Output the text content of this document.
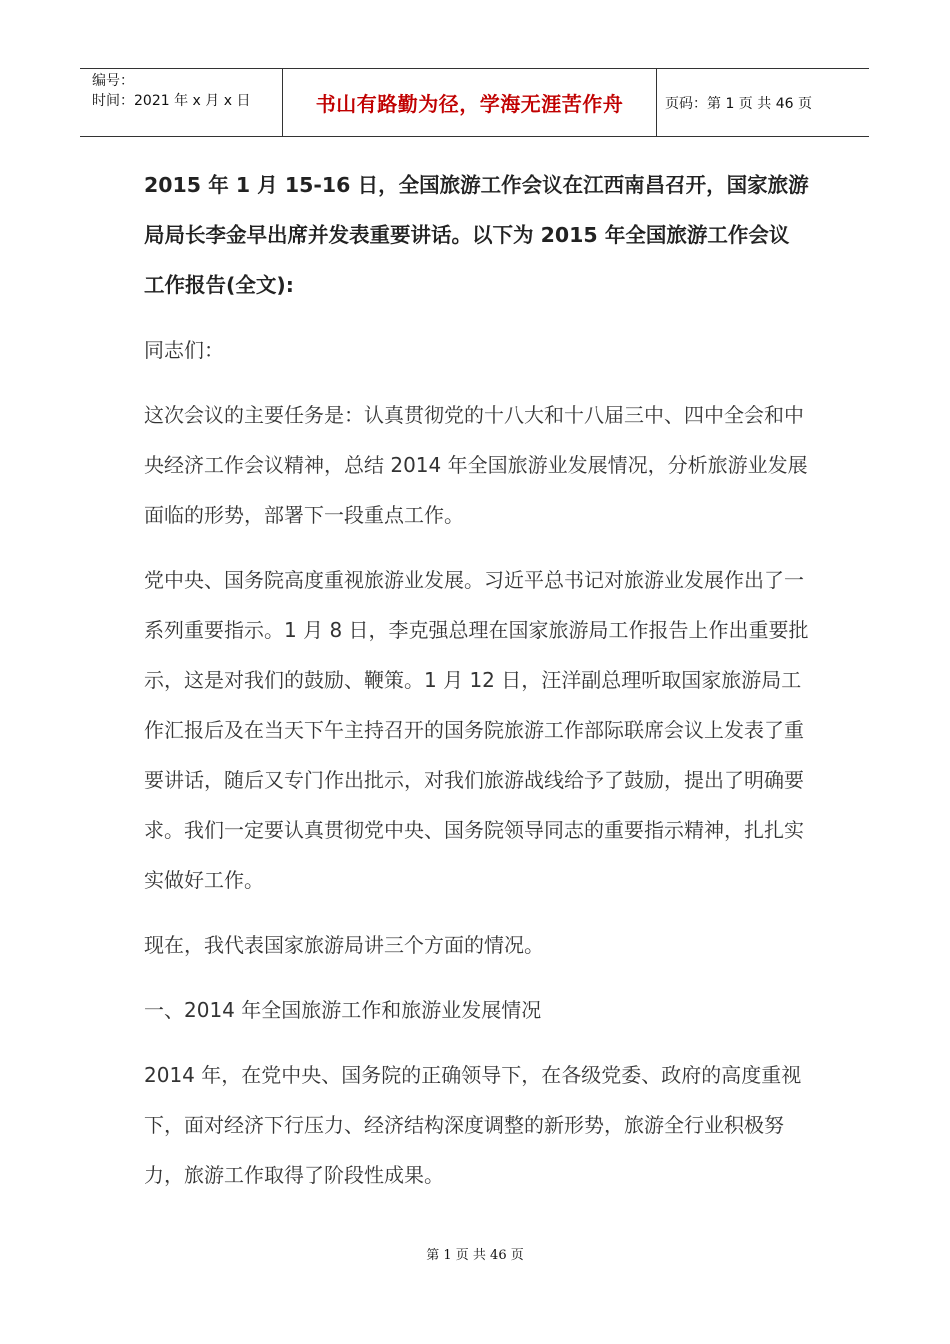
编号：
时间：2021 年 x 月 x 日	书山有路勤为径，学海无涯苦作舟	页码：第 1 页 共 46 页

2015 年 1 月 15-16 日，全国旅游工作会议在江西南昌召开，国家旅游局局长李金早出席并发表重要讲话。以下为 2015 年全国旅游工作会议工作报告(全文):

同志们：

这次会议的主要任务是：认真贯彻党的十八大和十八届三中、四中全会和中央经济工作会议精神，总结 2014 年全国旅游业发展情况，分析旅游业发展面临的形势，部署下一段重点工作。

党中央、国务院高度重视旅游业发展。习近平总书记对旅游业发展作出了一系列重要指示。1 月 8 日，李克强总理在国家旅游局工作报告上作出重要批示，这是对我们的鼓励、鞭策。1 月 12 日，汪洋副总理听取国家旅游局工作汇报后及在当天下午主持召开的国务院旅游工作部际联席会议上发表了重要讲话，随后又专门作出批示，对我们旅游战线给予了鼓励，提出了明确要求。我们一定要认真贯彻党中央、国务院领导同志的重要指示精神，扎扎实实做好工作。

现在，我代表国家旅游局讲三个方面的情况。

一、2014 年全国旅游工作和旅游业发展情况

2014 年，在党中央、国务院的正确领导下，在各级党委、政府的高度重视下，面对经济下行压力、经济结构深度调整的新形势，旅游全行业积极努力，旅游工作取得了阶段性成果。

第 1 页 共 46 页
